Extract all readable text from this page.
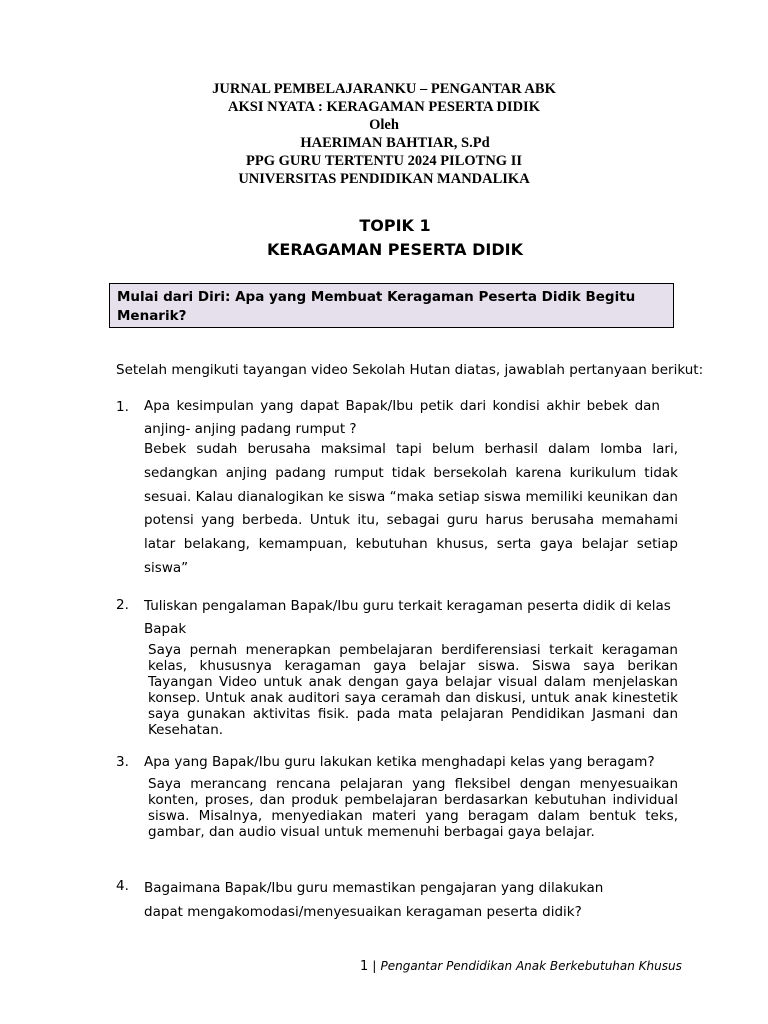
JURNAL PEMBELAJARANKU – PENGANTAR ABK
AKSI NYATA : KERAGAMAN PESERTA DIDIK
Oleh
HAERIMAN BAHTIAR, S.Pd
PPG GURU TERTENTU 2024 PILOTNG II
UNIVERSITAS PENDIDIKAN MANDALIKA
TOPIK 1
KERAGAMAN PESERTA DIDIK
Mulai dari Diri: Apa yang Membuat Keragaman Peserta Didik Begitu Menarik?
Setelah mengikuti tayangan video Sekolah Hutan diatas, jawablah pertanyaan berikut:
1. Apa kesimpulan yang dapat Bapak/Ibu petik dari kondisi akhir bebek dan anjing- anjing padang rumput ?
Bebek sudah berusaha maksimal tapi belum berhasil dalam lomba lari, sedangkan anjing padang rumput tidak bersekolah karena kurikulum tidak sesuai. Kalau dianalogikan ke siswa “maka setiap siswa memiliki keunikan dan potensi yang berbeda. Untuk itu, sebagai guru harus berusaha memahami latar belakang, kemampuan, kebutuhan khusus, serta gaya belajar setiap siswa”
2. Tuliskan pengalaman Bapak/Ibu guru terkait keragaman peserta didik di kelas Bapak
Saya pernah menerapkan pembelajaran berdiferensiasi terkait keragaman kelas, khususnya keragaman gaya belajar siswa. Siswa saya berikan Tayangan Video untuk anak dengan gaya belajar visual dalam menjelaskan konsep. Untuk anak auditori saya ceramah dan diskusi, untuk anak kinestetik saya gunakan aktivitas fisik. pada mata pelajaran Pendidikan Jasmani dan Kesehatan.
3. Apa yang Bapak/Ibu guru lakukan ketika menghadapi kelas yang beragam?
Saya merancang rencana pelajaran yang fleksibel dengan menyesuaikan konten, proses, dan produk pembelajaran berdasarkan kebutuhan individual siswa. Misalnya, menyediakan materi yang beragam dalam bentuk teks, gambar, dan audio visual untuk memenuhi berbagai gaya belajar.
4. Bagaimana Bapak/Ibu guru memastikan pengajaran yang dilakukan dapat mengakomodasi/menyesuaikan keragaman peserta didik?
1 | Pengantar Pendidikan Anak Berkebutuhan Khusus
